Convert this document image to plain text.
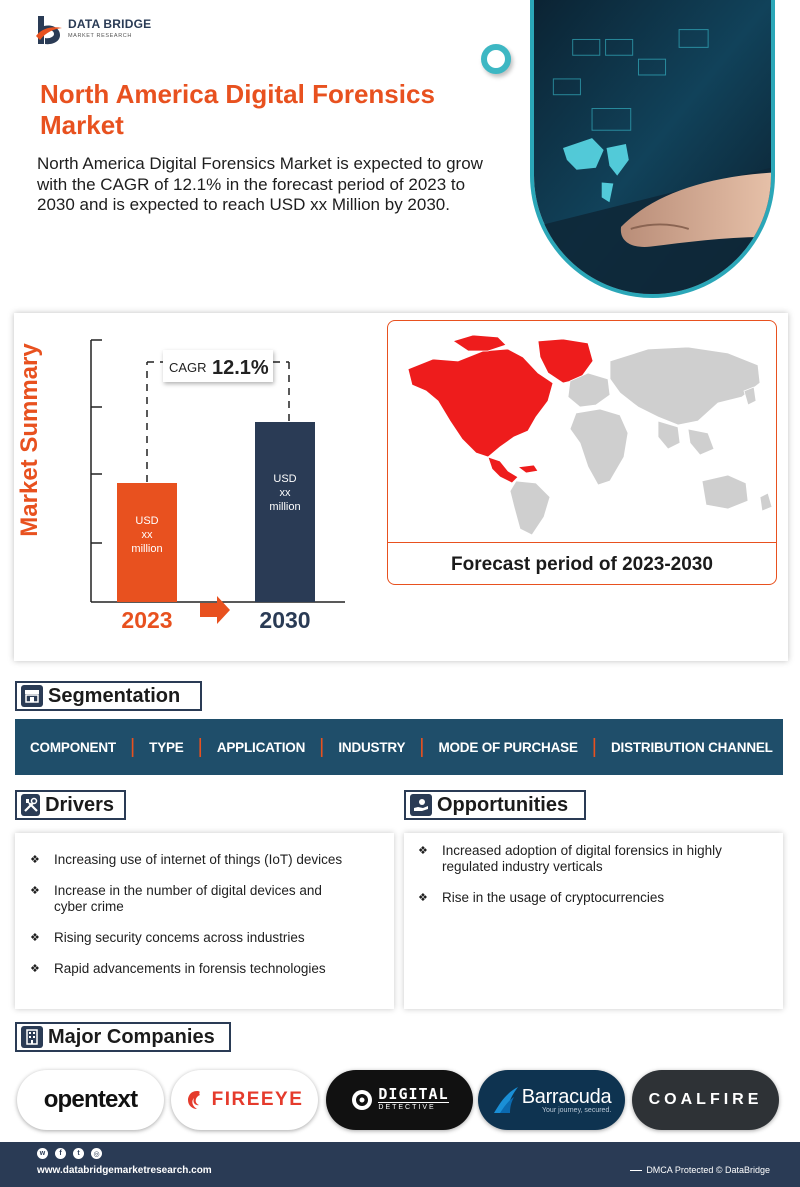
DATA BRIDGE
MARKET RESEARCH
North America Digital Forensics Market
North America Digital Forensics Market is expected to grow with the CAGR of 12.1% in the forecast period of 2023 to 2030 and is expected to reach USD xx Million by 2030.
Market Summary	CAGR 12.1%
USD
xx
million
USD
xx
million
2023	2030
Forecast period of 2023-2030
Segmentation
COMPONENT | TYPE | APPLICATION | INDUSTRY | MODE OF PURCHASE | DISTRIBUTION CHANNEL
Drivers
❖ Increasing use of internet of things (IoT) devices
❖ Increase in the number of digital devices and cyber crime
❖ Rising security concems across industries
❖ Rapid advancements in forensis technologies
Opportunities
❖ Increased adoption of digital forensics in highly regulated industry verticals
❖ Rise in the usage of cryptocurrencies
Major Companies
opentext	FIREEYE	DIGITAL
DETECTIVE	Barracuda
Your journey, secured.
COALFIRE
w	f	t	◎
www.databridgemarketresearch.com	DMCA Protected © DataBridge
